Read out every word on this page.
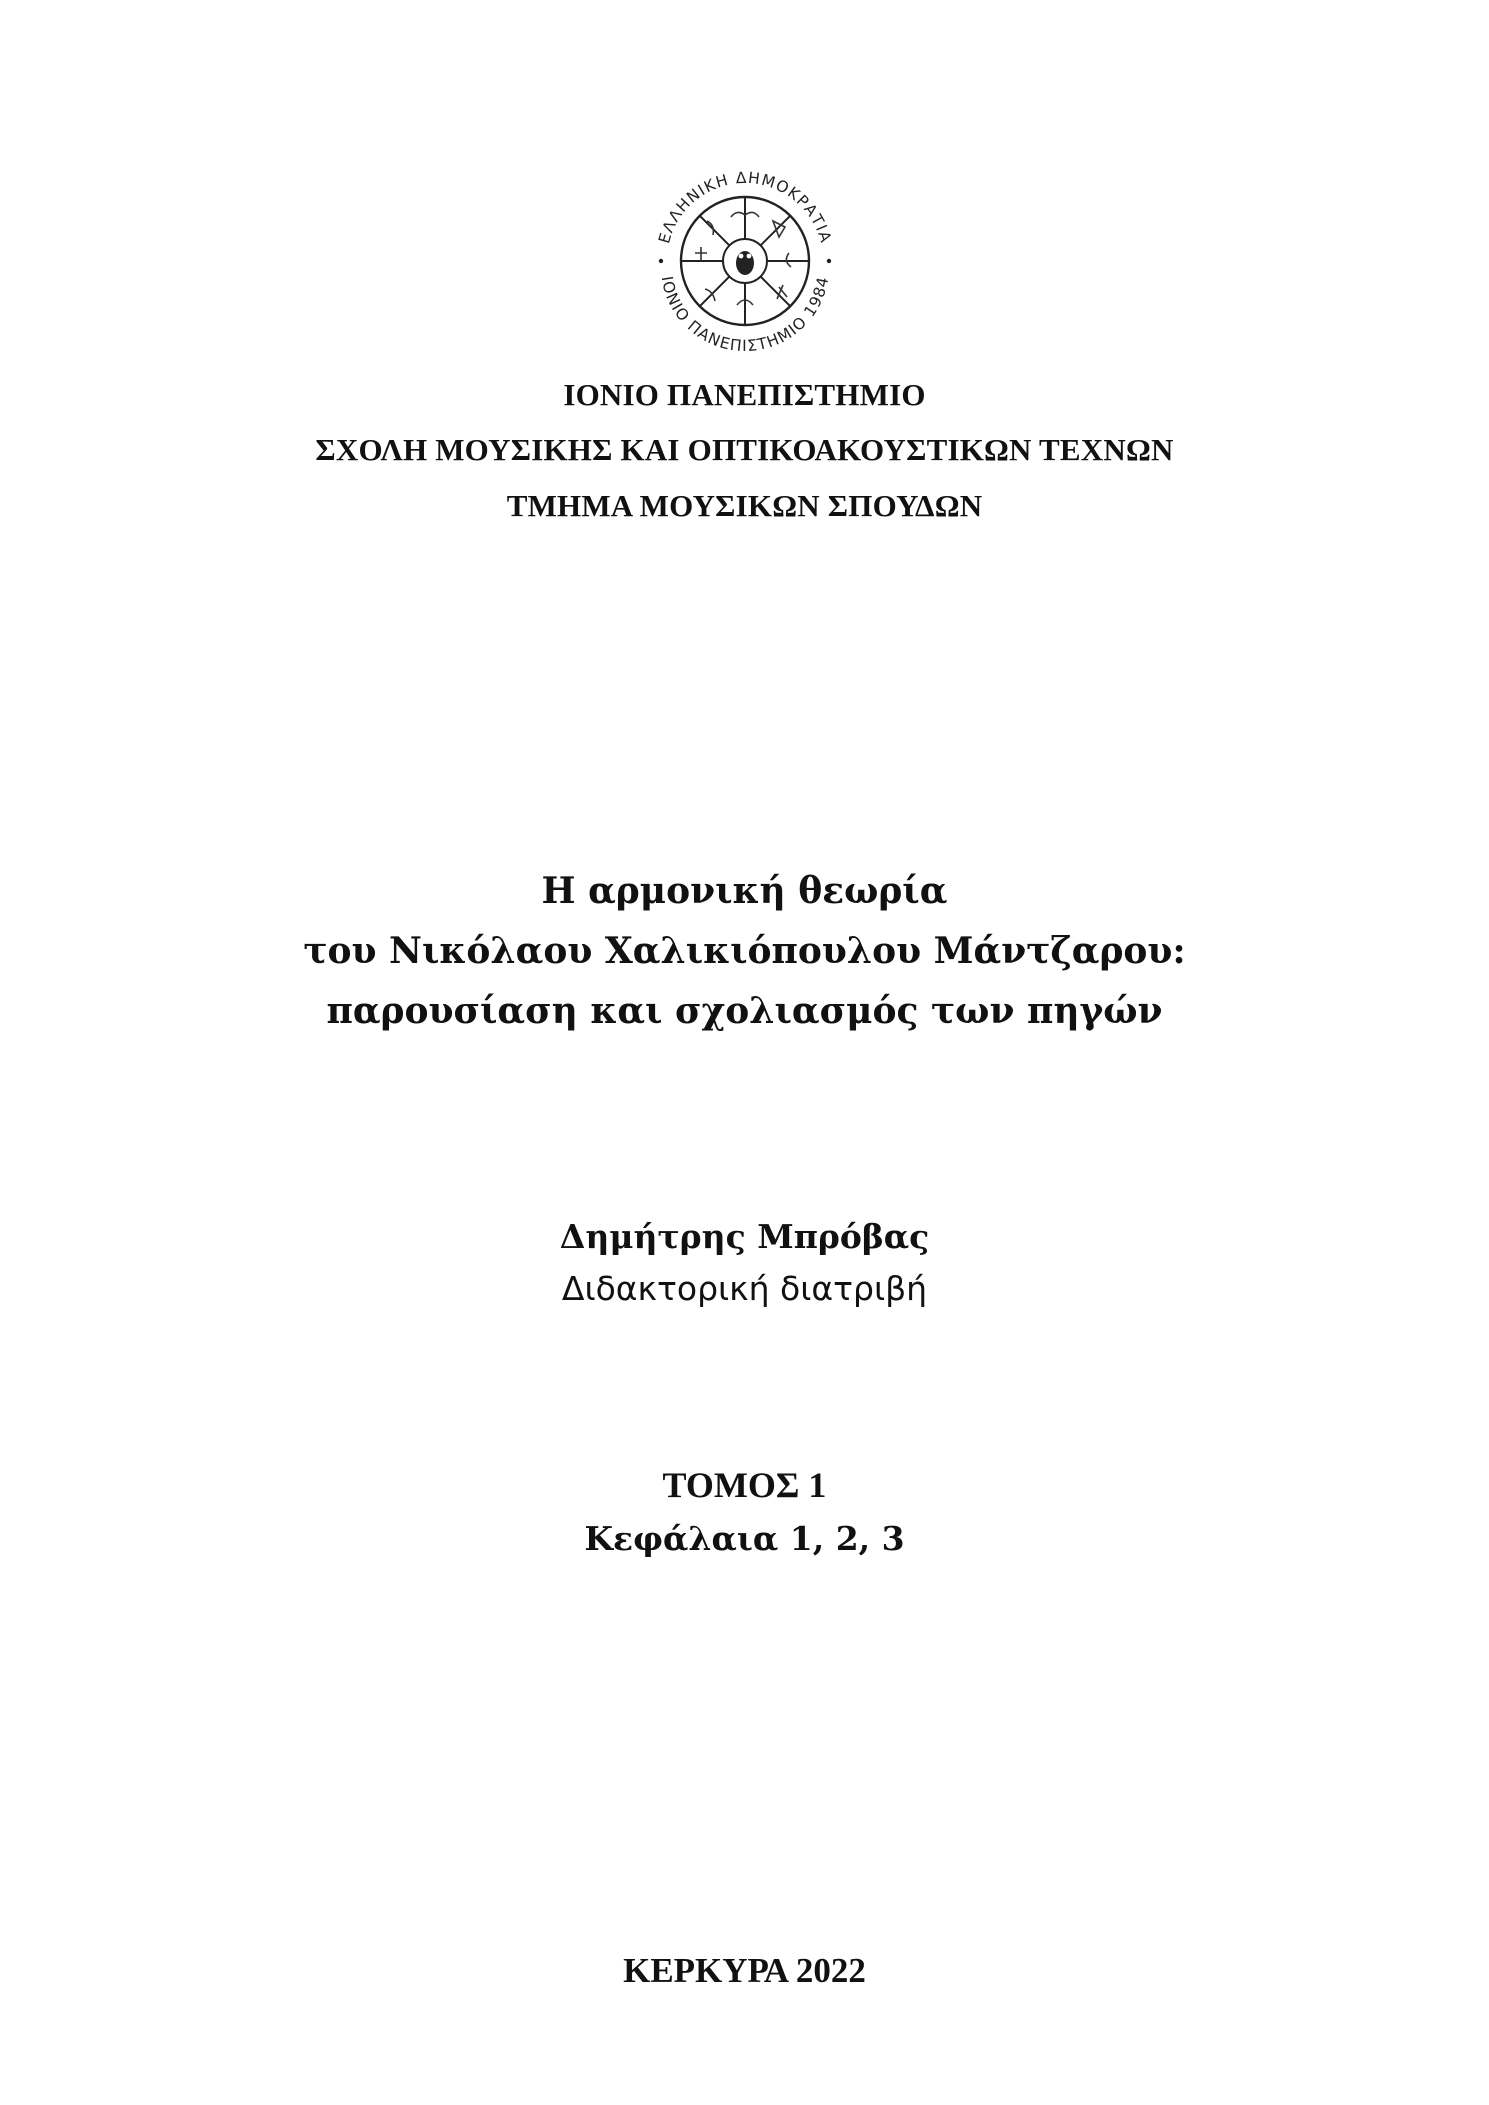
ΕΛΛΗΝΙΚΗ ΔΗΜΟΚΡΑΤΙΑ
ΙΟΝΙΟ ΠΑΝΕΠΙΣΤΗΜΙΟ 1984
ΙΟΝΙΟ ΠΑΝΕΠΙΣΤΗΜΙΟ
ΣΧΟΛΗ ΜΟΥΣΙΚΗΣ ΚΑΙ ΟΠΤΙΚΟΑΚΟΥΣΤΙΚΩΝ ΤΕΧΝΩΝ
ΤΜΗΜΑ ΜΟΥΣΙΚΩΝ ΣΠΟΥΔΩΝ
Η αρμονική θεωρία
του Νικόλαου Χαλικιόπουλου Μάντζαρου:
παρουσίαση και σχολιασμός των πηγών
Δημήτρης Μπρόβας
Διδακτορική διατριβή
ΤΟΜΟΣ 1
Κεφάλαια 1, 2, 3
ΚΕΡΚΥΡΑ 2022
